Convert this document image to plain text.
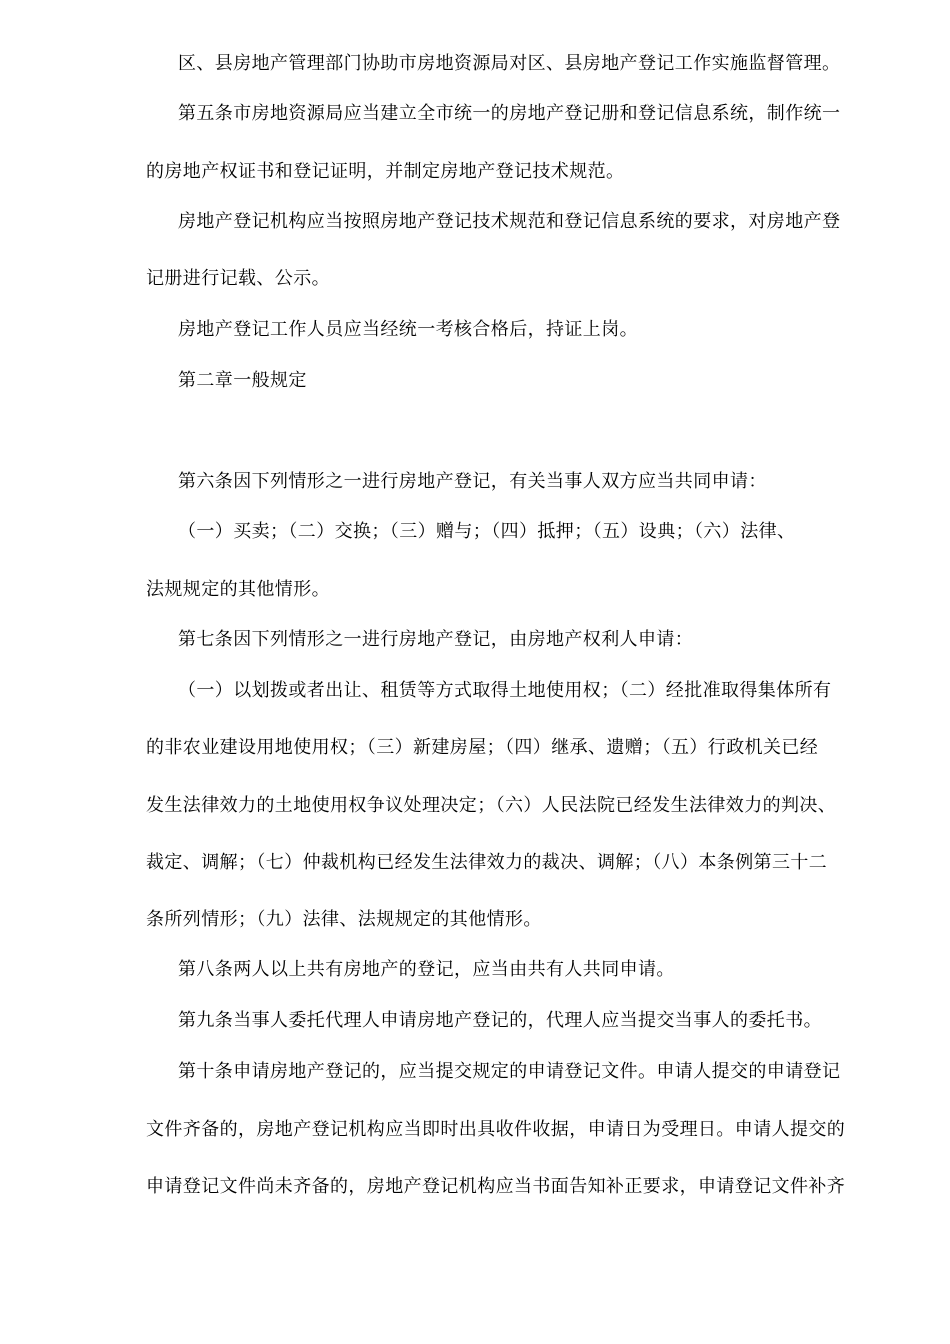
区、县房地产管理部门协助市房地资源局对区、县房地产登记工作实施监督管理。
第五条市房地资源局应当建立全市统一的房地产登记册和登记信息系统，制作统一
的房地产权证书和登记证明，并制定房地产登记技术规范。
房地产登记机构应当按照房地产登记技术规范和登记信息系统的要求，对房地产登
记册进行记载、公示。
房地产登记工作人员应当经统一考核合格后，持证上岗。
第二章一般规定
第六条因下列情形之一进行房地产登记，有关当事人双方应当共同申请：
（一）买卖；（二）交换；（三）赠与；（四）抵押；（五）设典；（六）法律、
法规规定的其他情形。
第七条因下列情形之一进行房地产登记，由房地产权利人申请：
（一）以划拨或者出让、租赁等方式取得土地使用权；（二）经批准取得集体所有
的非农业建设用地使用权；（三）新建房屋；（四）继承、遗赠；（五）行政机关已经
发生法律效力的土地使用权争议处理决定；（六）人民法院已经发生法律效力的判决、
裁定、调解；（七）仲裁机构已经发生法律效力的裁决、调解；（八）本条例第三十二
条所列情形；（九）法律、法规规定的其他情形。
第八条两人以上共有房地产的登记，应当由共有人共同申请。
第九条当事人委托代理人申请房地产登记的，代理人应当提交当事人的委托书。
第十条申请房地产登记的，应当提交规定的申请登记文件。申请人提交的申请登记
文件齐备的，房地产登记机构应当即时出具收件收据，申请日为受理日。申请人提交的
申请登记文件尚未齐备的，房地产登记机构应当书面告知补正要求，申请登记文件补齐
